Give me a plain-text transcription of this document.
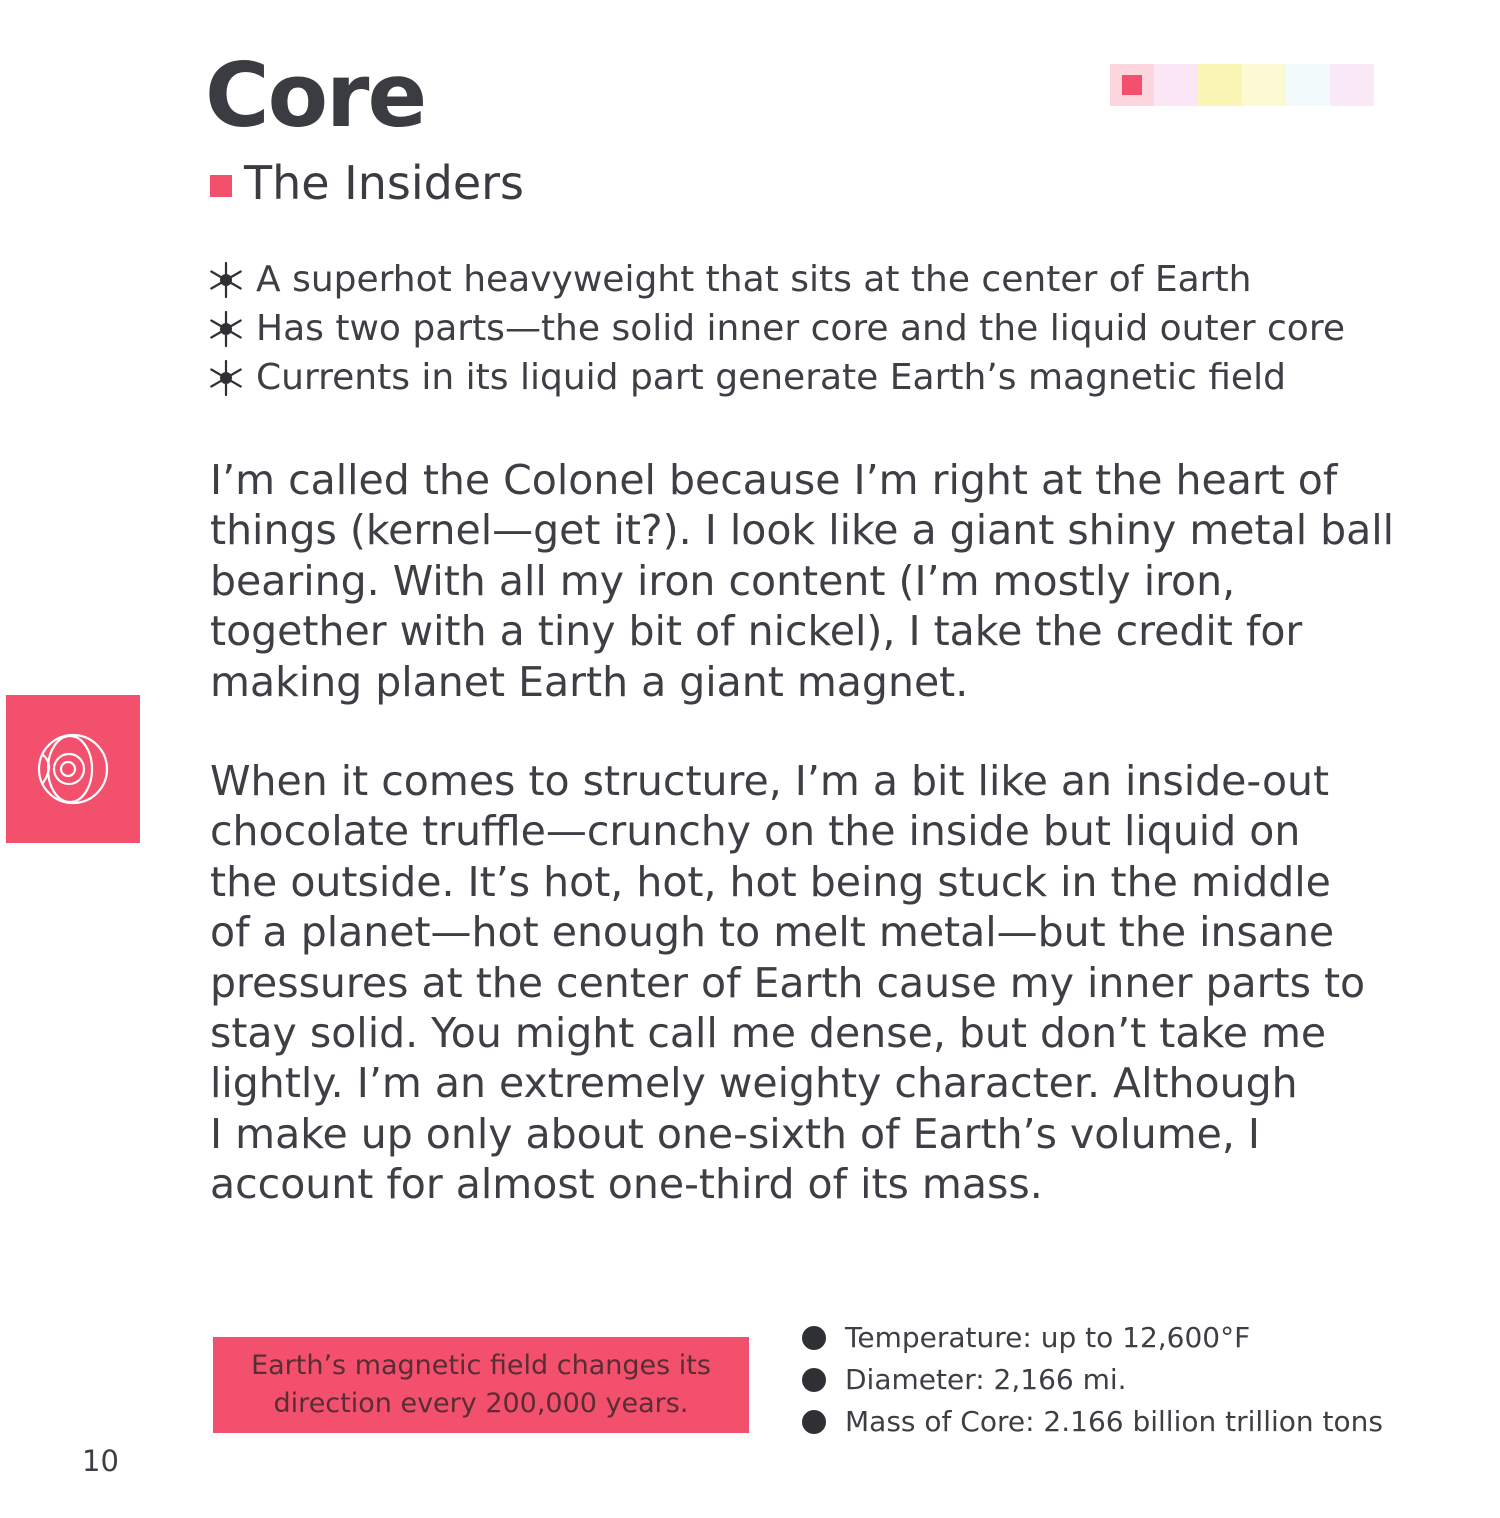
Core
The Insiders
A superhot heavyweight that sits at the center of Earth
Has two parts—the solid inner core and the liquid outer core
Currents in its liquid part generate Earth’s magnetic field

I’m called the Colonel because I’m right at the heart of
things (kernel—get it?). I look like a giant shiny metal ball
bearing. With all my iron content (I’m mostly iron,
together with a tiny bit of nickel), I take the credit for
making planet Earth a giant magnet.

When it comes to structure, I’m a bit like an inside-out
chocolate truffle—crunchy on the inside but liquid on
the outside. It’s hot, hot, hot being stuck in the middle
of a planet—hot enough to melt metal—but the insane
pressures at the center of Earth cause my inner parts to
stay solid. You might call me dense, but don’t take me
lightly. I’m an extremely weighty character. Although
I make up only about one-sixth of Earth’s volume, I
account for almost one-third of its mass.

Earth’s magnetic field changes its
direction every 200,000 years.
Temperature: up to 12,600°F
Diameter: 2,166 mi.
Mass of Core: 2.166 billion trillion tons
10
